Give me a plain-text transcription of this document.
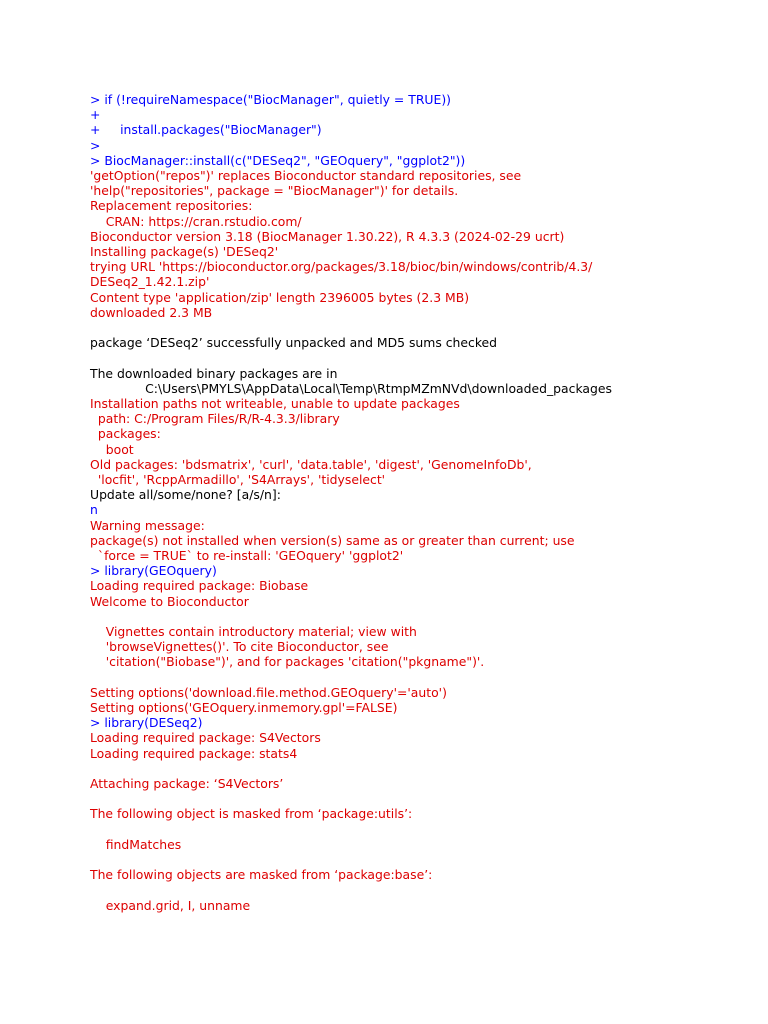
> if (!requireNamespace("BiocManager", quietly = TRUE))
+
+     install.packages("BiocManager")
>
> BiocManager::install(c("DESeq2", "GEOquery", "ggplot2"))
'getOption("repos")' replaces Bioconductor standard repositories, see
'help("repositories", package = "BiocManager")' for details.
Replacement repositories:
CRAN: https://cran.rstudio.com/
Bioconductor version 3.18 (BiocManager 1.30.22), R 4.3.3 (2024-02-29 ucrt)
Installing package(s) 'DESeq2'
trying URL 'https://bioconductor.org/packages/3.18/bioc/bin/windows/contrib/4.3/
DESeq2_1.42.1.zip'
Content type 'application/zip' length 2396005 bytes (2.3 MB)
downloaded 2.3 MB
package ‘DESeq2’ successfully unpacked and MD5 sums checked
The downloaded binary packages are in
C:\Users\PMYLS\AppData\Local\Temp\RtmpMZmNVd\downloaded_packages
Installation paths not writeable, unable to update packages
path: C:/Program Files/R/R-4.3.3/library
packages:
boot
Old packages: 'bdsmatrix', 'curl', 'data.table', 'digest', 'GenomeInfoDb',
'locfit', 'RcppArmadillo', 'S4Arrays', 'tidyselect'
Update all/some/none? [a/s/n]:
n
Warning message:
package(s) not installed when version(s) same as or greater than current; use
`force = TRUE` to re-install: 'GEOquery' 'ggplot2'
> library(GEOquery)
Loading required package: Biobase
Welcome to Bioconductor
Vignettes contain introductory material; view with
'browseVignettes()'. To cite Bioconductor, see
'citation("Biobase")', and for packages 'citation("pkgname")'.
Setting options('download.file.method.GEOquery'='auto')
Setting options('GEOquery.inmemory.gpl'=FALSE)
> library(DESeq2)
Loading required package: S4Vectors
Loading required package: stats4
Attaching package: ‘S4Vectors’
The following object is masked from ‘package:utils’:
findMatches
The following objects are masked from ‘package:base’:
expand.grid, I, unname
